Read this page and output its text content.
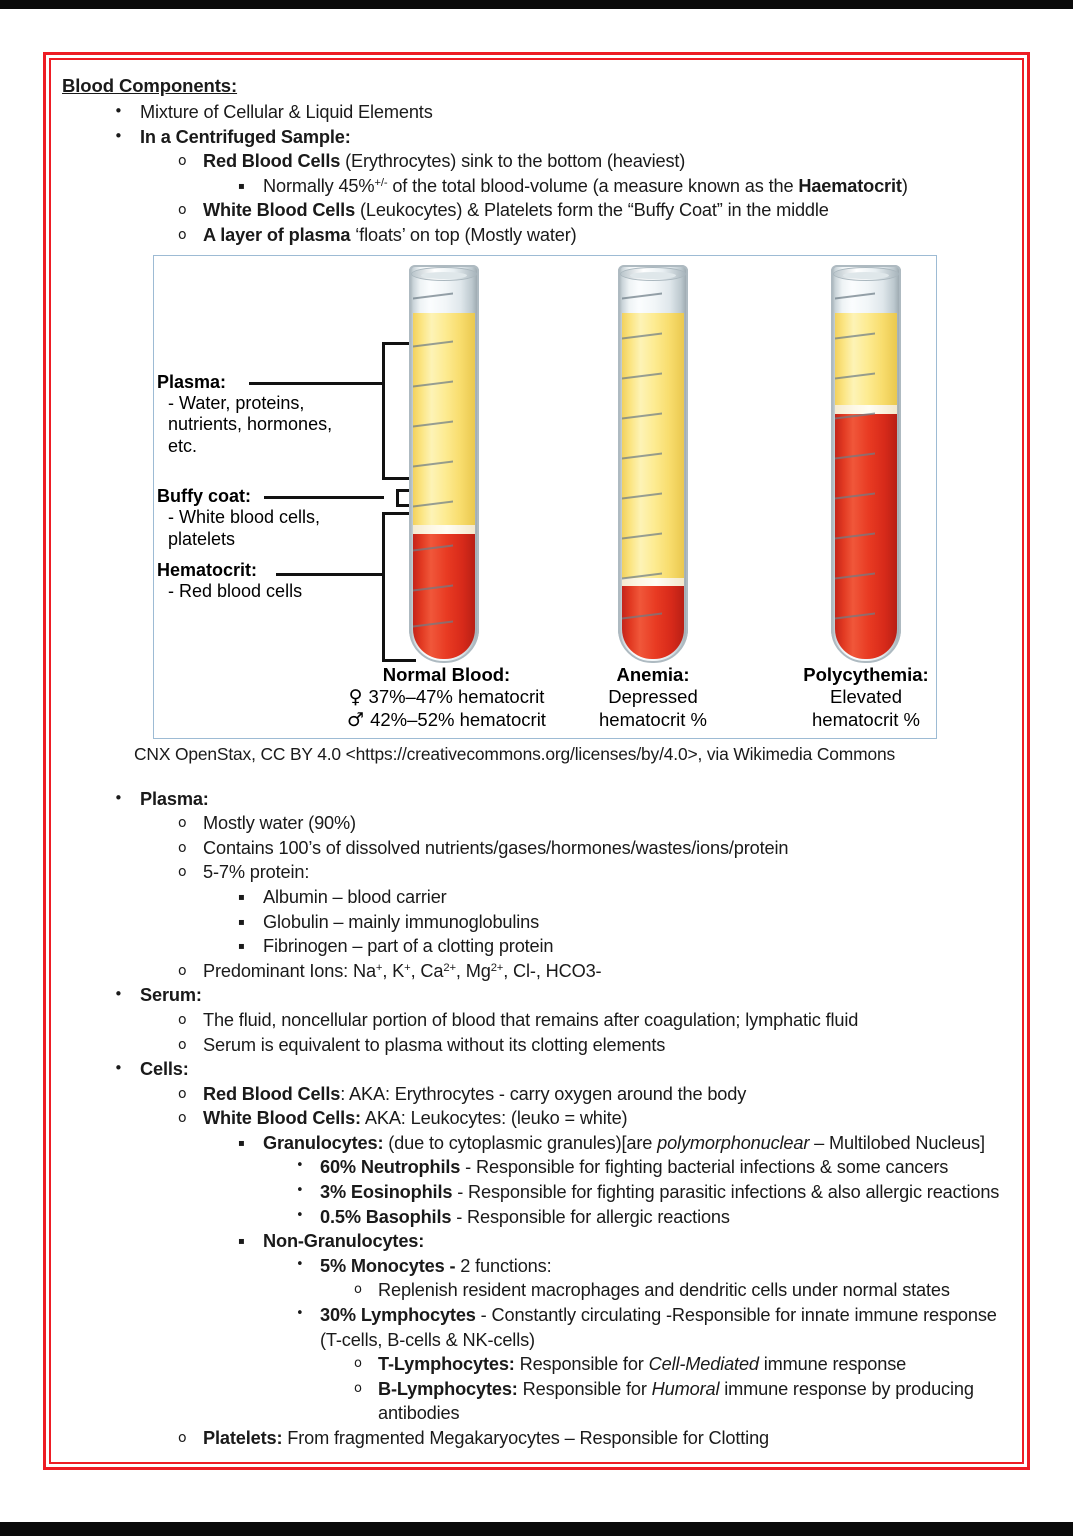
Blood Components:
• Mixture of Cellular & Liquid Elements
• In a Centrifuged Sample:
o Red Blood Cells (Erythrocytes) sink to the bottom (heaviest)
▪ Normally 45%+/- of the total blood-volume (a measure known as the Haematocrit)
o White Blood Cells (Leukocytes) & Platelets form the “Buffy Coat” in the middle
o A layer of plasma ‘floats’ on top (Mostly water)
Plasma:
- Water, proteins,
nutrients, hormones,
etc.
Buffy coat:
- White blood cells,
platelets
Hematocrit:
- Red blood cells
Normal Blood:
♀ 37%–47% hematocrit
♂ 42%–52% hematocrit
Anemia:
Depressed
hematocrit %
Polycythemia:
Elevated
hematocrit %
CNX OpenStax, CC BY 4.0 <https://creativecommons.org/licenses/by/4.0>, via Wikimedia Commons
• Plasma:
o Mostly water (90%)
o Contains 100’s of dissolved nutrients/gases/hormones/wastes/ions/protein
o 5-7% protein:
▪ Albumin – blood carrier
▪ Globulin – mainly immunoglobulins
▪ Fibrinogen – part of a clotting protein
o Predominant Ions: Na+, K+, $Ca^{2+}$, $Mg^{2+}$, Cl-, HCO3-
• Serum:
o The fluid, noncellular portion of blood that remains after coagulation; lymphatic fluid
o Serum is equivalent to plasma without its clotting elements
• Cells:
o Red Blood Cells: AKA: Erythrocytes - carry oxygen around the body
o White Blood Cells: AKA: Leukocytes: (leuko = white)
▪ Granulocytes: (due to cytoplasmic granules)[are polymorphonuclear – Multilobed Nucleus]
• 60% Neutrophils - Responsible for fighting bacterial infections & some cancers
• 3% Eosinophils - Responsible for fighting parasitic infections & also allergic reactions
• 0.5% Basophils - Responsible for allergic reactions
▪ Non-Granulocytes:
• 5% Monocytes - 2 functions:
o Replenish resident macrophages and dendritic cells under normal states
• 30% Lymphocytes - Constantly circulating -Responsible for innate immune response (T-cells, B-cells & NK-cells)
o T-Lymphocytes: Responsible for Cell-Mediated immune response
o B-Lymphocytes: Responsible for Humoral immune response by producing antibodies
o Platelets: From fragmented Megakaryocytes – Responsible for Clotting
